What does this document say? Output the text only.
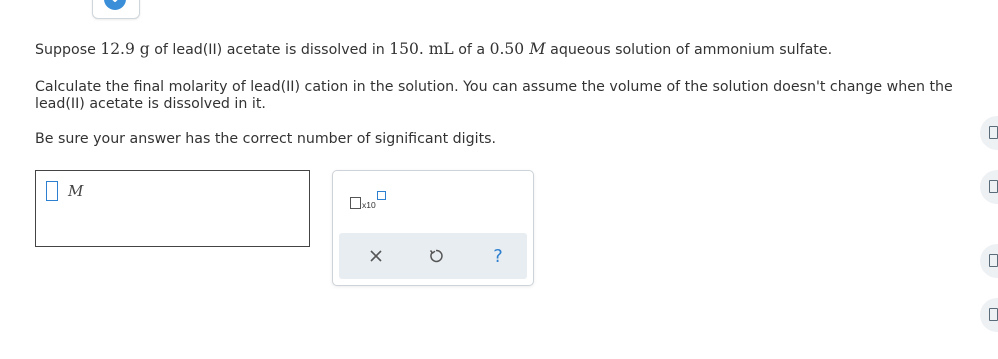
Suppose 12.9 g of lead(II) acetate is dissolved in 150. mL of a 0.50 M aqueous solution of ammonium sulfate.
Calculate the final molarity of lead(II) cation in the solution. You can assume the volume of the solution doesn't change when the lead(II) acetate is dissolved in it.
Be sure your answer has the correct number of significant digits.
M
x10
?
